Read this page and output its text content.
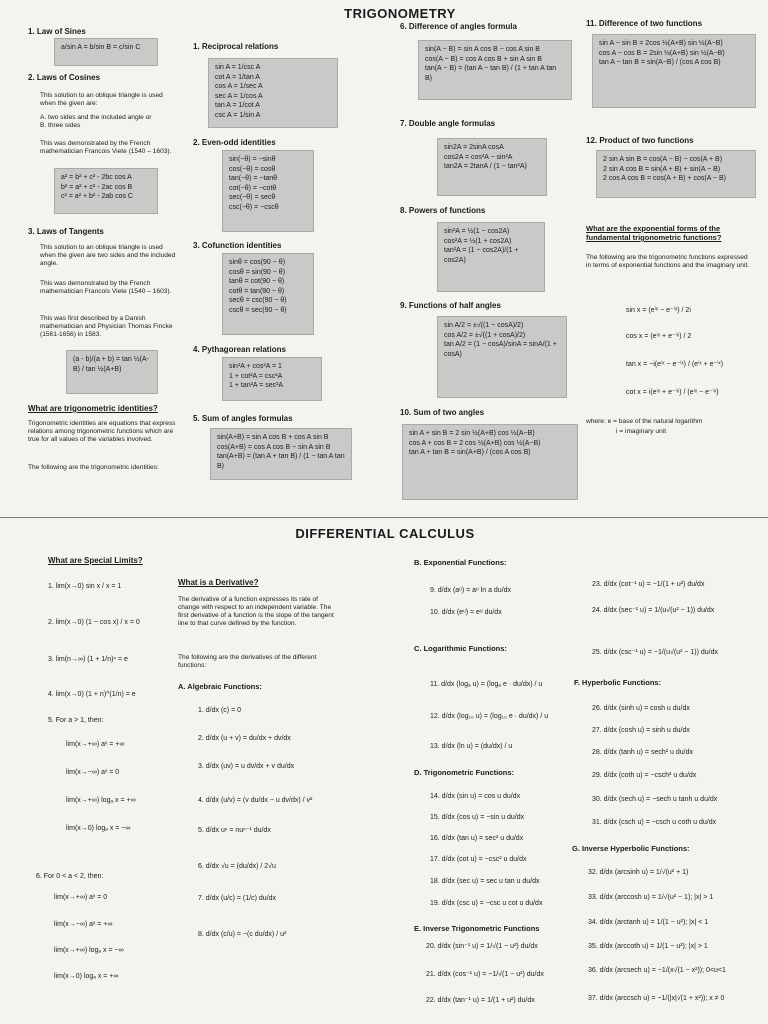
TRIGONOMETRY
1. Law of Sines
a/sin A = b/sin B = c/sin C
2. Laws of Cosines
This solution to an oblique triangle is used when the given are:
A. two sides and the included angle or
B. three sides
This was demonstrated by the French mathematician Francois Viete (1540 – 1603).
a² = b² + c² - 2bc cos A
b² = a² + c² - 2ac cos B
c² = a² + b² - 2ab cos C
3. Laws of Tangents
This solution to an oblique triangle is used when the given are two sides and the included angle.
This was demonstrated by the French mathematician Francois Viete (1540 – 1603).
This was first described by a Danish mathematician and Physician Thomas Fincke (1561-1656) in 1583.
(a - b)/(a + b) = tan ½(A-B) / tan ½(A+B)
What are trigonometric identities?
Trigonometric identities are equations that express relations among trigonometric functions which are true for all values of the variables involved.
The following are the trigonometric identities:
1. Reciprocal relations
sin A = 1/csc A
cot A = 1/tan A
cos A = 1/sec A
sec A = 1/cos A
tan A = 1/cot A
csc A = 1/sin A
2. Even-odd identities
sin(−θ) = −sinθ
cos(−θ) = cosθ
tan(−θ) = −tanθ
cot(−θ) = −cotθ
sec(−θ) = secθ
csc(−θ) = −cscθ
3. Cofunction identities
sinθ = cos(90 − θ)
cosθ = sin(90 − θ)
tanθ = cot(90 − θ)
cotθ = tan(90 − θ)
secθ = csc(90 − θ)
cscθ = sec(90 − θ)
4. Pythagorean relations
sin²A + cos²A = 1
1 + cot²A = csc²A
1 + tan²A = sec²A
5. Sum of angles formulas
sin(A+B) = sin A cos B + cos A sin B
cos(A+B) = cos A cos B − sin A sin B
tan(A+B) = (tan A + tan B) / (1 − tan A tan B)
6. Difference of angles formula
sin(A − B) = sin A cos B − cos A sin B
cos(A − B) = cos A cos B + sin A sin B
tan(A − B) = (tan A − tan B) / (1 + tan A tan B)
7. Double angle formulas
sin2A = 2sinA cosA
cos2A = cos²A − sin²A
tan2A = 2tanA / (1 − tan²A)
8. Powers of functions
sin²A = ½(1 − cos2A)
cos²A = ½(1 + cos2A)
tan²A = (1 − cos2A)/(1 + cos2A)
9. Functions of half angles
sin A/2 = ±√((1 − cosA)/2)
cos A/2 = ±√((1 + cosA)/2)
tan A/2 = (1 − cosA)/sinA = sinA/(1 + cosA)
10. Sum of two angles
sin A + sin B = 2 sin ½(A+B) cos ½(A−B)
cos A + cos B = 2 cos ½(A+B) cos ½(A−B)
tan A + tan B = sin(A+B) / (cos A cos B)
11. Difference of two functions
sin A − sin B = 2cos ½(A+B) sin ½(A−B)
cos A − cos B = 2sin ½(A+B) sin ½(A−B)
tan A − tan B = sin(A−B) / (cos A cos B)
12. Product of two functions
2 sin A sin B = cos(A − B) − cos(A + B)
2 sin A cos B = sin(A + B) + sin(A − B)
2 cos A cos B = cos(A + B) + cos(A − B)
What are the exponential forms of the fundamental trigonometric functions?
The following are the trigonometric functions expressed in terms of exponential functions and the imaginary unit.
sin x = (eⁱˣ − e⁻ⁱˣ) / 2i
cos x = (eⁱˣ + e⁻ⁱˣ) / 2
tan x = −i(eⁱˣ − e⁻ⁱˣ) / (eⁱˣ + e⁻ⁱˣ)
cot x = i(eⁱˣ + e⁻ⁱˣ) / (eⁱˣ − e⁻ⁱˣ)
where: e = base of the natural logarithm
i = imaginary unit
DIFFERENTIAL CALCULUS
What are Special Limits?
1. lim(x→0) sin x / x = 1
2. lim(x→0) (1 − cos x) / x = 0
3. lim(n→∞) (1 + 1/n)ⁿ = e
4. lim(x→0) (1 + n)^(1/n) = e
5. For a > 1, then:
lim(x→+∞) aˣ = +∞
lim(x→−∞) aˣ = 0
lim(x→+∞) logₐ x = +∞
lim(x→0) logₐ x = −∞
6. For 0 < a < 2, then:
lim(x→+∞) aˣ = 0
lim(x→−∞) aˣ = +∞
lim(x→+∞) logₐ x = −∞
lim(x→0) logₐ x = +∞
What is a Derivative?
The derivative of a function expresses its rate of change with respect to an independent variable. The first derivative of a function is the slope of the tangent line to that curve defined by the function.
The following are the derivatives of the different functions:
A. Algebraic Functions:
1. d/dx (c) = 0
2. d/dx (u + v) = du/dx + dv/dx
3. d/dx (uv) = u dv/dx + v du/dx
4. d/dx (u/v) = (v du/dx − u dv/dx) / v²
5. d/dx uⁿ = nuⁿ⁻¹ du/dx
6. d/dx √u = (du/dx) / 2√u
7. d/dx (u/c) = (1/c) du/dx
8. d/dx (c/u) = −(c du/dx) / u²
B. Exponential Functions:
9. d/dx (aᵘ) = aᵘ ln a du/dx
10. d/dx (eᵘ) = eᵘ du/dx
C. Logarithmic Functions:
11. d/dx (logₐ u) = (logₐ e · du/dx) / u
12. d/dx (log₁₀ u) = (log₁₀ e · du/dx) / u
13. d/dx (ln u) = (du/dx) / u
D. Trigonometric Functions:
14. d/dx (sin u) = cos u du/dx
15. d/dx (cos u) = −sin u du/dx
16. d/dx (tan u) = sec² u du/dx
17. d/dx (cot u) = −csc² u du/dx
18. d/dx (sec u) = sec u tan u du/dx
19. d/dx (csc u) = −csc u cot u du/dx
E. Inverse Trigonometric Functions
20. d/dx (sin⁻¹ u) = 1/√(1 − u²) du/dx
21. d/dx (cos⁻¹ u) = −1/√(1 − u²) du/dx
22. d/dx (tan⁻¹ u) = 1/(1 + u²) du/dx
23. d/dx (cot⁻¹ u) = −1/(1 + u²) du/dx
24. d/dx (sec⁻¹ u) = 1/(u√(u² − 1)) du/dx
25. d/dx (csc⁻¹ u) = −1/(u√(u² − 1)) du/dx
F. Hyperbolic Functions:
26. d/dx (sinh u) = cosh u du/dx
27. d/dx (cosh u) = sinh u du/dx
28. d/dx (tanh u) = sech² u du/dx
29. d/dx (coth u) = −csch² u du/dx
30. d/dx (sech u) = −sech u tanh u du/dx
31. d/dx (csch u) = −csch u coth u du/dx
G. Inverse Hyperbolic Functions:
32. d/dx (arcsinh u) = 1/√(u² + 1)
33. d/dx (arccosh u) = 1/√(u² − 1); |x| > 1
34. d/dx (arctanh u) = 1/(1 − u²); |x| < 1
35. d/dx (arccoth u) = 1/(1 − u²); |x| > 1
36. d/dx (arcsech u) = −1/(x√(1 − x²)); 0<u<1
37. d/dx (arccsch u) = −1/(|x|√(1 + x²)); x ≠ 0
